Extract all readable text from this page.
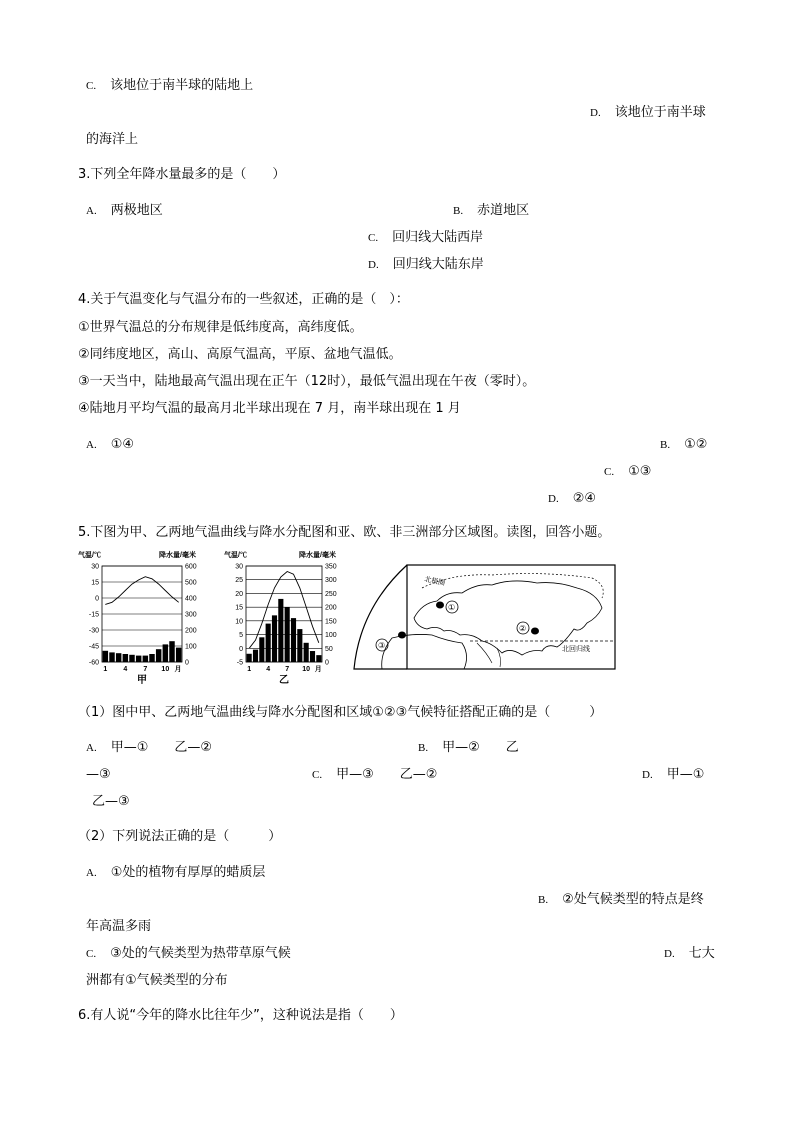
C. 该地位于南半球的陆地上
D. 该地位于南半球
的海洋上
3.下列全年降水量最多的是（　　）
A. 两极地区	B. 赤道地区
C. 回归线大陆西岸
D. 回归线大陆东岸
4.关于气温变化与气温分布的一些叙述，正确的是（　）：
①世界气温总的分布规律是低纬度高，高纬度低。
②同纬度地区，高山、高原气温高，平原、盆地气温低。
③一天当中，陆地最高气温出现在正午（12时），最低气温出现在午夜（零时）。
④陆地月平均气温的最高月北半球出现在 7 月，南半球出现在 1 月
A. ①④	B. ①②
C. ①③
D. ②④
5.下图为甲、乙两地气温曲线与降水分配图和亚、欧、非三洲部分区域图。读图，回答小题。
气温/℃	降水量/毫米
30
15
0
-15
-30
-45
-60
600
500
400
300
200
100
0
1 4 7 10 月
甲
气温/℃	降水量/毫米
30
25
20
15
10
5
0
-5
350
300
250
200
150
100
50
0
1 4 7 10 月
乙
北极圈
北回归线
①
②
③
（1）图中甲、乙两地气温曲线与降水分配图和区域①②③气候特征搭配正确的是（　　　）
A. 甲—①　　乙—②	B. 甲—②　　乙
—③	C. 甲—③　　乙—②	D. 甲—①
乙—③
（2）下列说法正确的是（　　　）
A. ①处的植物有厚厚的蜡质层
B. ②处气候类型的特点是终
年高温多雨
C. ③处的气候类型为热带草原气候	D. 七大
洲都有①气候类型的分布
6.有人说“今年的降水比往年少”，这种说法是指（　　）
